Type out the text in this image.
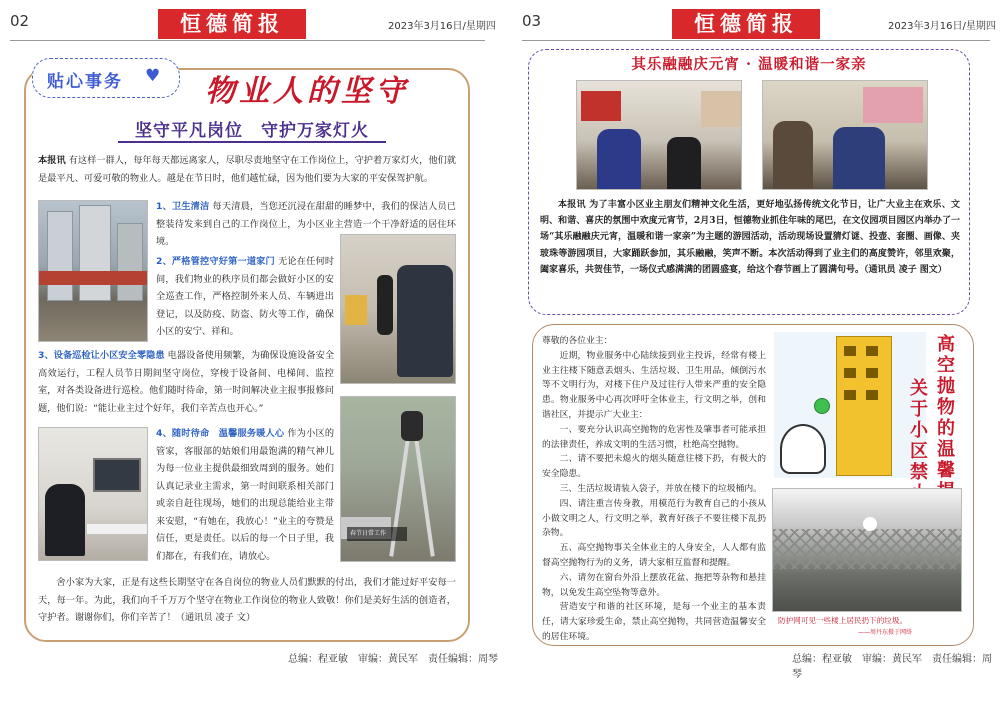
02	恒德简报	2023年3月16日/星期四
贴心事务 ♥ 物业人的坚守
坚守平凡岗位　守护万家灯火
本报讯 有这样一群人，每年每天都远离家人，尽职尽责地坚守在工作岗位上，守护着万家灯火，他们就是最平凡、可爱可敬的物业人。越是在节日时，他们越忙碌，因为他们要为大家的平安保驾护航。
1、卫生清洁 每天清晨，当您还沉浸在甜甜的睡梦中，我们的保洁人员已整装待发来到自己的工作岗位上，为小区业主营造一个干净舒适的居住环境。
2、严格管控守好第一道家门 无论在任何时间，我们物业的秩序员们都会做好小区的安全巡查工作，严格控制外来人员、车辆进出登记，以及防疫、防盗、防火等工作，确保小区的安宁、祥和。
3、设备巡检让小区安全零隐患 电器设备使用频繁，为确保设施设备安全高效运行，工程人员节日期间坚守岗位，穿梭于设备间、电梯间、监控室，对各类设备进行巡检。他们随时待命，第一时间解决业主报事报修问题，他们说：“能让业主过个好年，我们辛苦点也开心。”
春节日常工作
4、随时待命　温馨服务暖人心 作为小区的管家，客服部的姑娘们用最饱满的精气神儿为每一位业主提供最细致周到的服务。她们认真记录业主需求，第一时间联系相关部门或亲自赶往现场，她们的出现总能给业主带来安慰，“有她在，我放心！”业主的夸赞是信任，更是责任。以后的每一个日子里，我们都在，有我们在，请放心。
舍小家为大家，正是有这些长期坚守在各自岗位的物业人员们默默的付出，我们才能过好平安每一天，每一年。为此，我们向千千万万个坚守在物业工作岗位的物业人致敬！你们是美好生活的创造者，守护者。谢谢你们，你们辛苦了！（通讯员 凌子 文）
总编：程亚敏　审编：黄民军　责任编辑：周琴
03	恒德简报	2023年3月16日/星期四
其乐融融庆元宵 · 温暖和谐一家亲
本报讯 为了丰富小区业主朋友们精神文化生活，更好地弘扬传统文化节日，让广大业主在欢乐、文明、和谐、喜庆的氛围中欢度元宵节，2月3日，恒德物业抓住年味的尾巴，在文仪园项目园区内举办了一场“其乐融融庆元宵，温暖和谐一家亲”为主题的游园活动，活动现场设置猜灯谜、投壶、套圈、画像、夹玻珠等游园项目，大家踊跃参加，其乐融融，笑声不断。本次活动得到了业主们的高度赞许，邻里欢聚，阖家喜乐，共贺佳节，一场仪式感满满的团圆盛宴，给这个春节画上了圆满句号。（通讯员 凌子 图文）
尊敬的各位业主：
近期，物业服务中心陆续接到业主投诉，经常有楼上业主往楼下随意丢烟头、生活垃圾、卫生用品，倾倒污水等不文明行为，对楼下住户及过往行人带来严重的安全隐患。物业服务中心再次呼吁全体业主，行文明之举，创和谐社区，并提示广大业主：
一、要充分认识高空抛物的危害性及肇事者可能承担的法律责任，养成文明的生活习惯，杜绝高空抛物。
二、请不要把未熄火的烟头随意往楼下扔，有极大的安全隐患。
三、生活垃圾请装入袋子，并放在楼下的垃圾桶内。
四、请注重言传身教，用模范行为教育自己的小孩从小做文明之人，行文明之举，教育好孩子不要往楼下乱扔杂物。
五、高空抛物事关全体业主的人身安全，人人都有监督高空抛物行为的义务，请大家相互监督和提醒。
六、请勿在窗台外沿上摆放花盆、拖把等杂物和悬挂物，以免发生高空坠物等意外。
营造安宁和谐的社区环境，是每一个业主的基本责任，请大家珍爱生命，禁止高空抛物，共同营造温馨安全的居住环境。
高空抛物的温馨
关于小区禁
防护网可见一些楼上居民扔下的垃圾。
——周丹东摄于网络
总编：程亚敏　审编：黄民军　责任编辑：周琴
